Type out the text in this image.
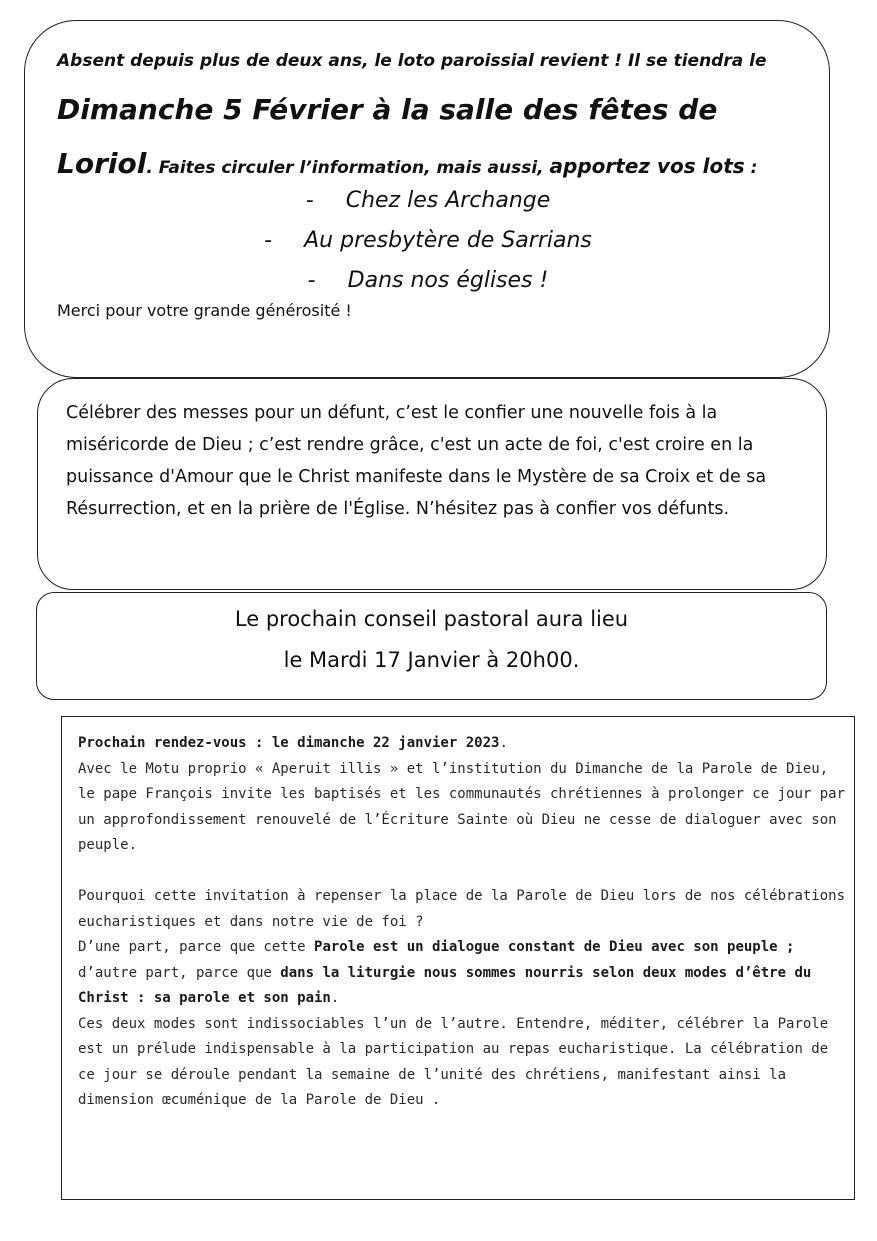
Absent depuis plus de deux ans, le loto paroissial revient ! Il se tiendra le
Dimanche 5 Février à la salle des fêtes de
Loriol. Faites circuler l’information, mais aussi, apportez vos lots :
- Chez les Archange
- Au presbytère de Sarrians
- Dans nos églises !
Merci pour votre grande générosité !

Célébrer des messes pour un défunt, c’est le confier une nouvelle fois à la miséricorde de Dieu ; c’est rendre grâce, c'est un acte de foi, c'est croire en la puissance d'Amour que le Christ manifeste dans le Mystère de sa Croix et de sa Résurrection, et en la prière de l'Église. N’hésitez pas à confier vos défunts.

Le prochain conseil pastoral aura lieu
le Mardi 17 Janvier à 20h00.
Prochain rendez-vous : le dimanche 22 janvier 2023.
Avec le Motu proprio « Aperuit illis » et l’institution du Dimanche de la Parole de Dieu, le pape François invite les baptisés et les communautés chrétiennes à prolonger ce jour par un approfondissement renouvelé de l’Écriture Sainte où Dieu ne cesse de dialoguer avec son peuple.
Pourquoi cette invitation à repenser la place de la Parole de Dieu lors de nos célébrations eucharistiques et dans notre vie de foi ?
D’une part, parce que cette Parole est un dialogue constant de Dieu avec son peuple ;
d’autre part, parce que dans la liturgie nous sommes nourris selon deux modes d’être du Christ : sa parole et son pain.
Ces deux modes sont indissociables l’un de l’autre. Entendre, méditer, célébrer la Parole est un prélude indispensable à la participation au repas eucharistique. La célébration de ce jour se déroule pendant la semaine de l’unité des chrétiens, manifestant ainsi la dimension œcuménique de la Parole de Dieu .
